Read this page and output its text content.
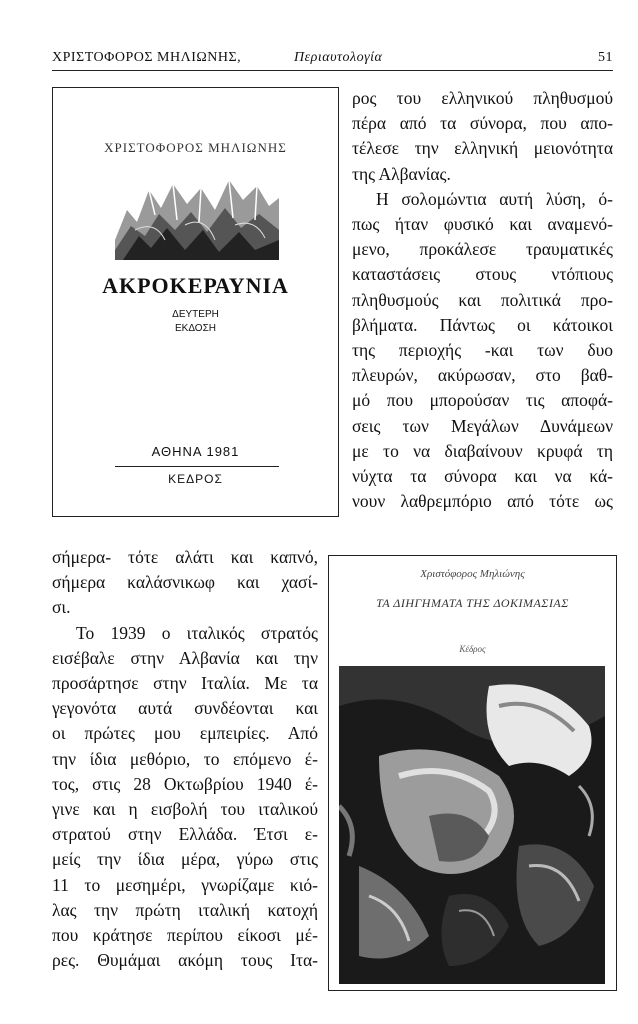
ΧΡΙΣΤΟΦΟΡΟΣ ΜΗΛΙΩΝΗΣ,	Περιαυτολογία	51
ΧΡΙΣΤΟΦΟΡΟΣ ΜΗΛΙΩΝΗΣ
ΑΚΡΟΚΕΡΑΥΝΙΑ
ΔΕΥΤΕΡΗ
ΕΚΔΟΣΗ
ΑΘΗΝΑ 1981
ΚΕΔΡΟΣ
ρος του ελληνικού πληθυσμού
πέρα από τα σύνορα, που απο-
τέλεσε την ελληνική μειονότητα
της Αλβανίας.
Η σολομώντια αυτή λύση, ό-
πως ήταν φυσικό και αναμενό-
μενο, προκάλεσε τραυματικές
καταστάσεις στους ντόπιους
πληθυσμούς και πολιτικά προ-
βλήματα. Πάντως οι κάτοικοι
της περιοχής -και των δυο
πλευρών, ακύρωσαν, στο βαθ-
μό που μπορούσαν τις αποφά-
σεις των Μεγάλων Δυνάμεων
με το να διαβαίνουν κρυφά τη
νύχτα τα σύνορα και να κά-
νουν λαθρεμπόριο από τότε ως
σήμερα- τότε αλάτι και καπνό,
σήμερα καλάσνικωφ και χασί-
σι.
Το 1939 ο ιταλικός στρατός
εισέβαλε στην Αλβανία και την
προσάρτησε στην Ιταλία. Με τα
γεγονότα αυτά συνδέονται και
οι πρώτες μου εμπειρίες. Από
την ίδια μεθόριο, το επόμενο έ-
τος, στις 28 Οκτωβρίου 1940 έ-
γινε και η εισβολή του ιταλικού
στρατού στην Ελλάδα. Έτσι ε-
μείς την ίδια μέρα, γύρω στις
11 το μεσημέρι, γνωρίζαμε κιό-
λας την πρώτη ιταλική κατοχή
που κράτησε περίπου είκοσι μέ-
ρες. Θυμάμαι ακόμη τους Ιτα-
Χριστόφορος Μηλιώνης
ΤΑ ΔΙΗΓΗΜΑΤΑ ΤΗΣ ΔΟΚΙΜΑΣΙΑΣ
Κέδρος
